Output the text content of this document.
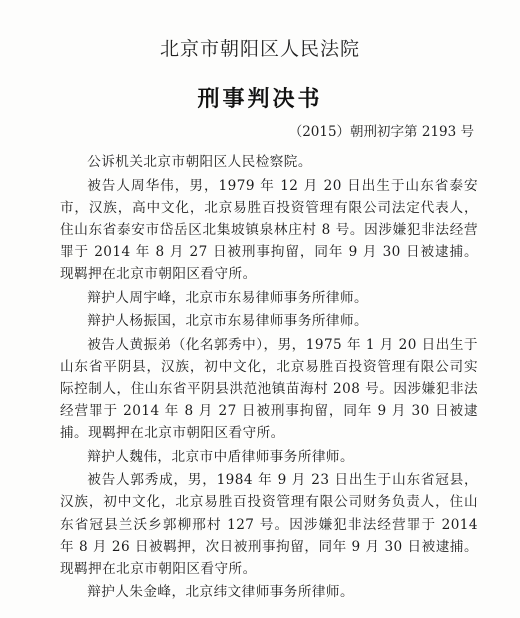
北京市朝阳区人民法院
刑事判决书
（2015）朝刑初字第 2193 号

公诉机关北京市朝阳区人民检察院。

被告人周华伟，男，1979 年 12 月 20 日出生于山东省泰安市，汉族，高中文化，北京易胜百投资管理有限公司法定代表人，住山东省泰安市岱岳区北集坡镇泉林庄村 8 号。因涉嫌犯非法经营罪于 2014 年 8 月 27 日被刑事拘留，同年 9 月 30 日被逮捕。现羁押在北京市朝阳区看守所。

辩护人周宇峰，北京市东易律师事务所律师。

辩护人杨振国，北京市东易律师事务所律师。

被告人黄振弟（化名郭秀中），男，1975 年 1 月 20 日出生于山东省平阴县，汉族，初中文化，北京易胜百投资管理有限公司实际控制人，住山东省平阴县洪范池镇苗海村 208 号。因涉嫌犯非法经营罪于 2014 年 8 月 27 日被刑事拘留，同年 9 月 30 日被逮捕。现羁押在北京市朝阳区看守所。

辩护人魏伟，北京市中盾律师事务所律师。

被告人郭秀成，男，1984 年 9 月 23 日出生于山东省冠县，汉族，初中文化，北京易胜百投资管理有限公司财务负责人，住山东省冠县兰沃乡郭柳邢村 127 号。因涉嫌犯非法经营罪于 2014 年 8 月 26 日被羁押，次日被刑事拘留，同年 9 月 30 日被逮捕。现羁押在北京市朝阳区看守所。

辩护人朱金峰，北京纬文律师事务所律师。
